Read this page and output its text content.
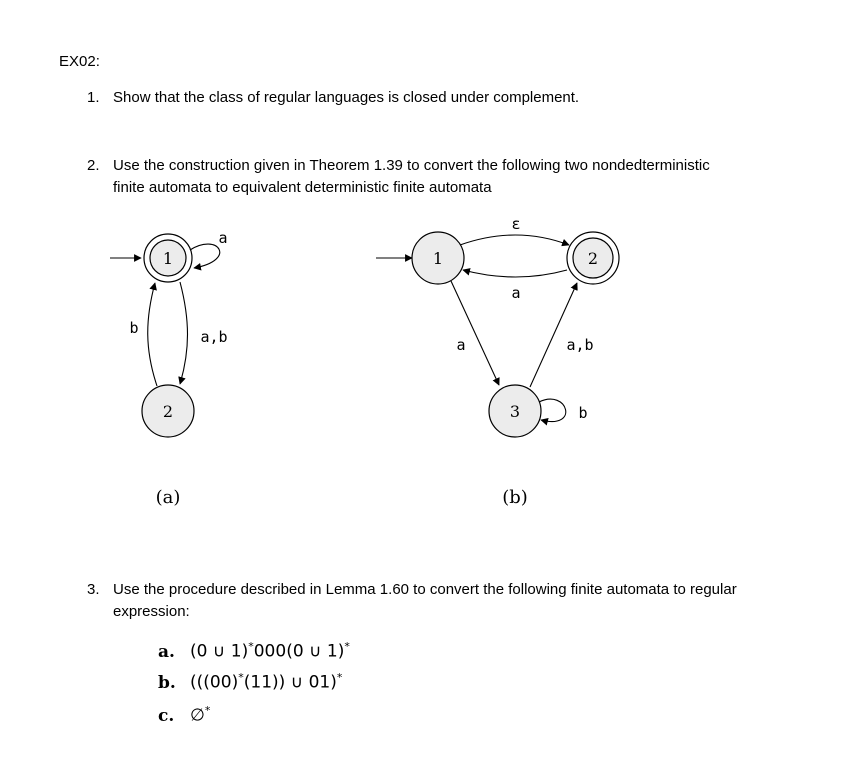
EX02:
1. Show that the class of regular languages is closed under complement.
2. Use the construction given in Theorem 1.39 to convert the following two nondedterministic
finite automata to equivalent deterministic finite automata
1
a
2
b	a,b
(a)
1	2
3
ε
a
a	a,b
b
(b)
3. Use the procedure described in Lemma 1.60 to convert the following finite automata to regular
expression:
a. (0 ∪ 1)*000(0 ∪ 1)*
b. (((00)*(11)) ∪ 01)*
c. ∅*
